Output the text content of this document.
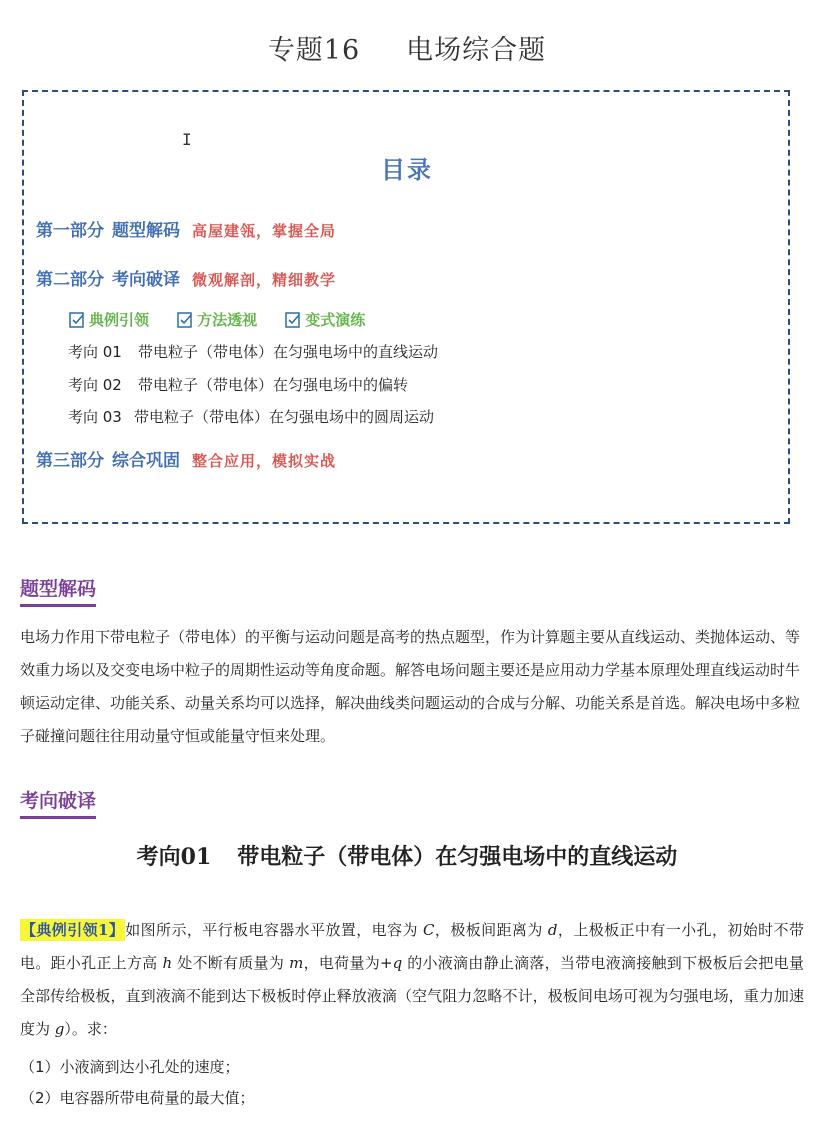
专题16 电场综合题
I
目录
第一部分 题型解码 高屋建瓴，掌握全局
第二部分 考向破译 微观解剖，精细教学
典例引领
	方法透视
	变式演练
考向 01 带电粒子（带电体）在匀强电场中的直线运动
考向 02 带电粒子（带电体）在匀强电场中的偏转
考向 03 带电粒子（带电体）在匀强电场中的圆周运动
第三部分 综合巩固 整合应用，模拟实战
题型解码
电场力作用下带电粒子（带电体）的平衡与运动问题是高考的热点题型，作为计算题主要从直线运动、类抛体运动、等效重力场以及交变电场中粒子的周期性运动等角度命题。解答电场问题主要还是应用动力学基本原理处理直线运动时牛顿运动定律、功能关系、动量关系均可以选择，解决曲线类问题运动的合成与分解、功能关系是首选。解决电场中多粒子碰撞问题往往用动量守恒或能量守恒来处理。
考向破译
考向01 带电粒子（带电体）在匀强电场中的直线运动
【典例引领1】如图所示，平行板电容器水平放置，电容为 C，极板间距离为 d，上极板正中有一小孔，初始时不带电。距小孔正上方高 h 处不断有质量为 m，电荷量为+q 的小液滴由静止滴落，当带电液滴接触到下极板后会把电量全部传给极板，直到液滴不能到达下极板时停止释放液滴（空气阻力忽略不计，极板间电场可视为匀强电场，重力加速度为 g）。求：
（1）小液滴到达小孔处的速度；
（2）电容器所带电荷量的最大值；
